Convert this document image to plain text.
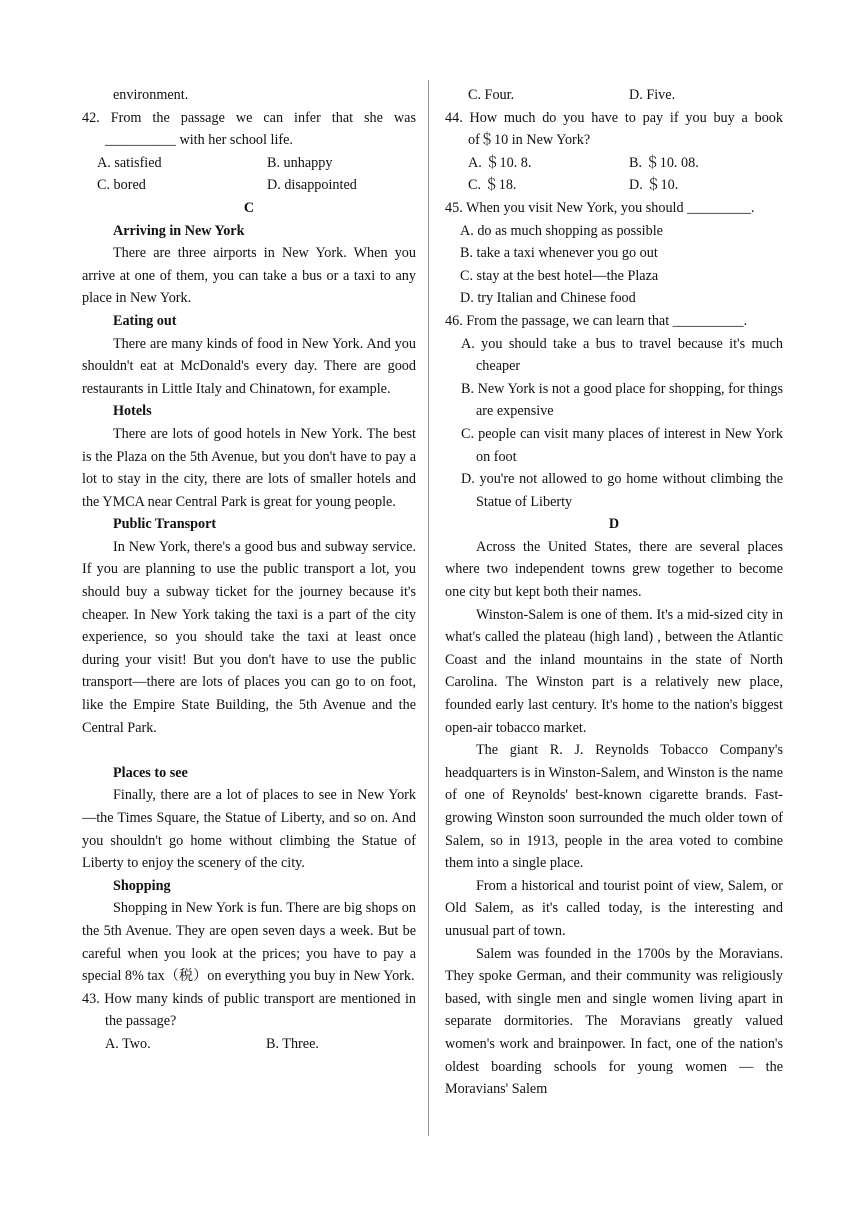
environment.

42. From the passage we can infer that she was __________ with her school life.

A. satisfied	B. unhappy
C. bored	D. disappointed

C

Arriving in New York

There are three airports in New York. When you arrive at one of them, you can take a bus or a taxi to any place in New York.

Eating out

There are many kinds of food in New York. And you shouldn't eat at McDonald's every day. There are good restaurants in Little Italy and Chinatown, for example.

Hotels

There are lots of good hotels in New York. The best is the Plaza on the 5th Avenue, but you don't have to pay a lot to stay in the city, there are lots of smaller hotels and the YMCA near Central Park is great for young people.

Public Transport

In New York, there's a good bus and subway service. If you are planning to use the public transport a lot, you should buy a subway ticket for the journey because it's cheaper. In New York taking the taxi is a part of the city experience, so you should take the taxi at least once during your visit! But you don't have to use the public transport—there are lots of places you can go to on foot, like the Empire State Building, the 5th Avenue and the Central Park.

Places to see

Finally, there are a lot of places to see in New York—the Times Square, the Statue of Liberty, and so on. And you shouldn't go home without climbing the Statue of Liberty to enjoy the scenery of the city.

Shopping

Shopping in New York is fun. There are big shops on the 5th Avenue. They are open seven days a week. But be careful when you look at the prices; you have to pay a special 8% tax（税）on everything you buy in New York.

43. How many kinds of public transport are mentioned in the passage?

A. Two.	B. Three.
C. Four.	D. Five.

44. How much do you have to pay if you buy a book of＄10 in New York?

A. ＄10. 8.	B. ＄10. 08.
C. ＄18.	D. ＄10.

45. When you visit New York, you should _________.

A. do as much shopping as possible

B. take a taxi whenever you go out

C. stay at the best hotel—the Plaza

D. try Italian and Chinese food

46. From the passage, we can learn that __________.

A. you should take a bus to travel because it's much cheaper

B. New York is not a good place for shopping, for things are expensive

C. people can visit many places of interest in New York on foot

D. you're not allowed to go home without climbing the Statue of Liberty

D

Across the United States, there are several places where two independent towns grew together to become one city but kept both their names.

Winston-Salem is one of them. It's a mid-sized city in what's called the plateau (high land) , between the Atlantic Coast and the inland mountains in the state of North Carolina. The Winston part is a relatively new place, founded early last century. It's home to the nation's biggest open-air tobacco market.

The giant R. J. Reynolds Tobacco Company's headquarters is in Winston-Salem, and Winston is the name of one of Reynolds' best-known cigarette brands. Fast-growing Winston soon surrounded the much older town of Salem, so in 1913, people in the area voted to combine them into a single place.

From a historical and tourist point of view, Salem, or Old Salem, as it's called today, is the interesting and unusual part of town.

Salem was founded in the 1700s by the Moravians. They spoke German, and their community was religiously based, with single men and single women living apart in separate dormitories. The Moravians greatly valued women's work and brainpower. In fact, one of the nation's oldest boarding schools for young women — the Moravians' Salem
